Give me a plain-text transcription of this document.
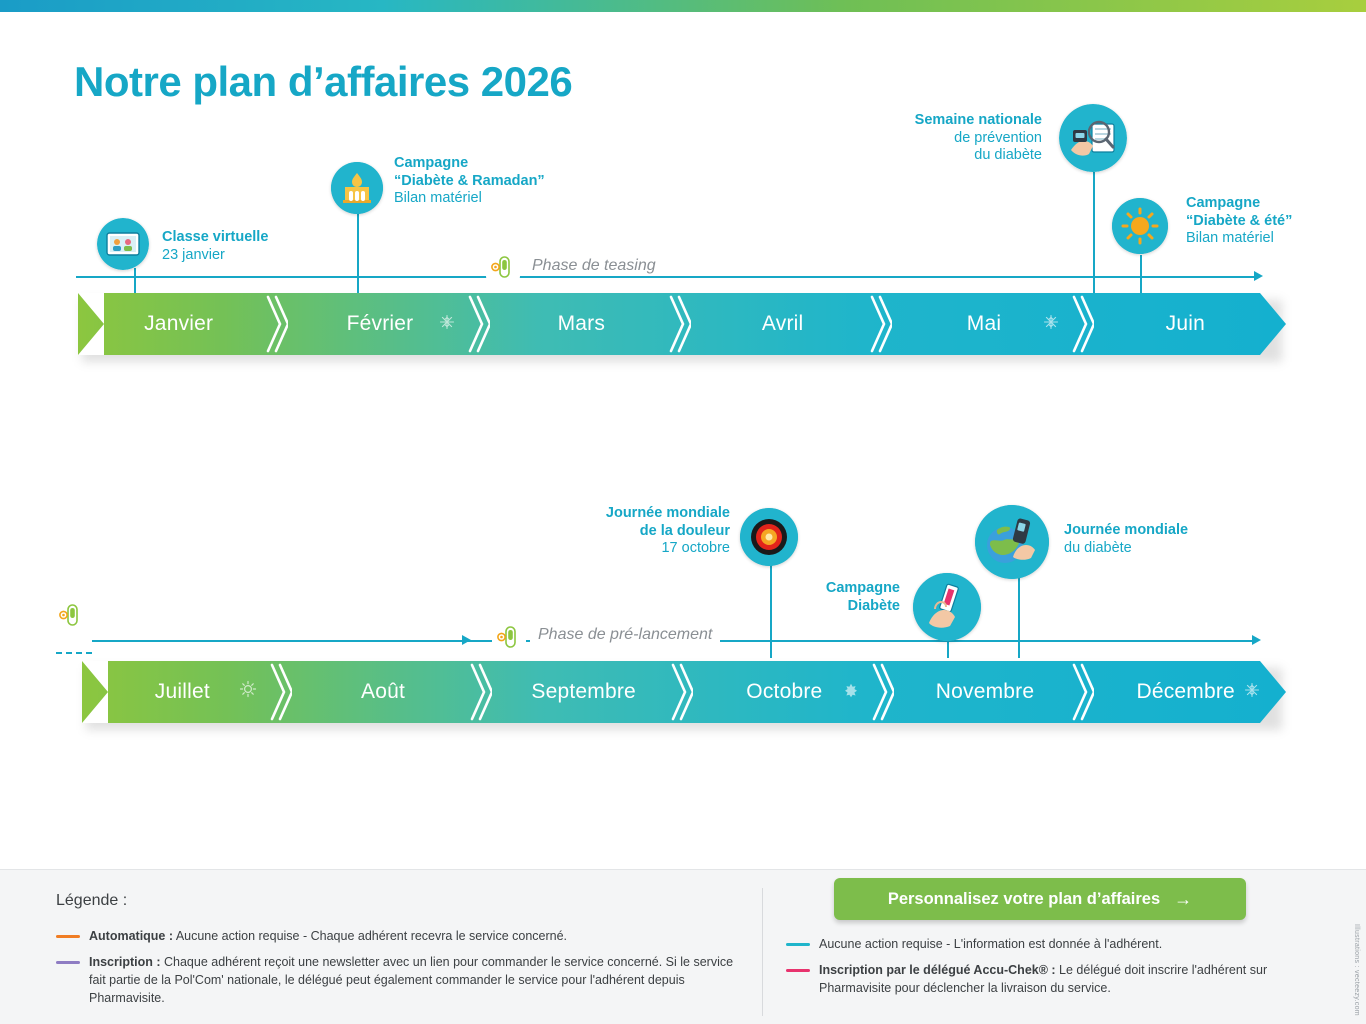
Notre plan d’affaires 2026
Phase de teasing
Classe virtuelle
23 janvier
Campagne
“Diabète & Ramadan”
Bilan matériel
Semaine nationale
de prévention
du diabète
Campagne
“Diabète & été”
Bilan matériel
Janvier	Février	Mars	Avril	Mai	Juin
Phase de pré-lancement
Journée mondiale
de la douleur
17 octobre
Campagne
Diabète
Journée mondiale
du diabète
Juillet	Août	Septembre	Octobre	Novembre	Décembre
Légende :
Automatique : Aucune action requise - Chaque adhérent recevra le service concerné.
Inscription : Chaque adhérent reçoit une newsletter avec un lien pour commander le service concerné. Si le service fait partie de la Pol'Com' nationale, le délégué peut également commander le service pour l'adhérent depuis Pharmavisite.
Aucune action requise - L'information est donnée à l'adhérent.
Inscription par le délégué Accu-Chek® : Le délégué doit inscrire l'adhérent sur Pharmavisite pour déclencher la livraison du service.
Personnalisez votre plan d’affaires →
Illustrations : vecteezy.com
